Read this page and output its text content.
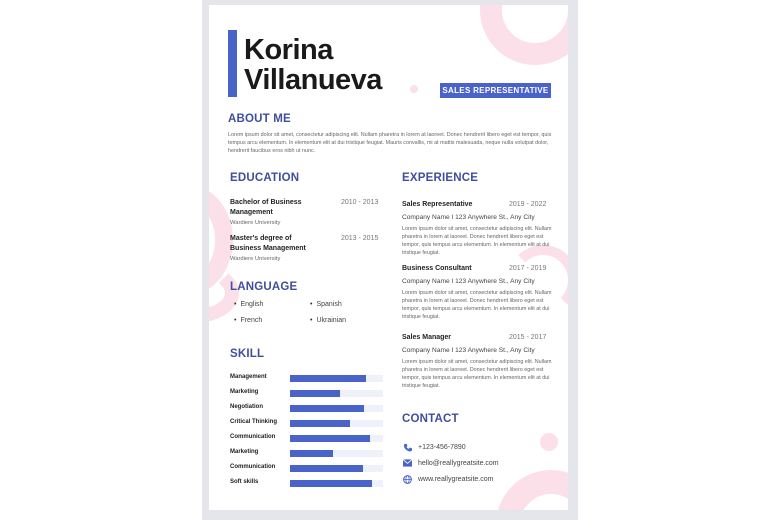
Korina
Villanueva	SALES REPRESENTATIVE
ABOUT ME
Lorem ipsum dolor sit amet, consectetur adipiscing elit. Nullam pharetra in lorem at laoreet. Donec hendrerit libero eget est tempor, quis
tempus arcu elementum. In elementum elit at dui tristique feugiat. Mauris convallis, mi at mattis malesuada, neque nulla volutpat dolor,
hendrerit faucibus eros nibh ut nunc.
EDUCATION
Bachelor of Business
Management
2010 - 2013
Wardiere University
Master's degree of
Business Management
2013 - 2015
Wardiere University
LANGUAGE
• English	• Spanish
• French	• Ukrainian
SKILL
Management
Marketing
Negotiation
Critical Thinking
Communication
Marketing
Communication
Soft skills
EXPERIENCE
Sales Representative	2019 - 2022
Company Name I 123 Anywhere St., Any City
Lorem ipsum dolor sit amet, consectetur adipiscing elit. Nullam
pharetra in lorem at laoreet. Donec hendrerit libero eget est
tempor, quis tempus arcu elementum. In elementum elit at dui
tristique feugiat.
Business Consultant	2017 - 2019
Company Name I 123 Anywhere St., Any City
Lorem ipsum dolor sit amet, consectetur adipiscing elit. Nullam
pharetra in lorem at laoreet. Donec hendrerit libero eget est
tempor, quis tempus arcu elementum. In elementum elit at dui
tristique feugiat.
Sales Manager	2015 - 2017
Company Name I 123 Anywhere St., Any City
Lorem ipsum dolor sit amet, consectetur adipiscing elit. Nullam
pharetra in lorem at laoreet. Donec hendrerit libero eget est
tempor, quis tempus arcu elementum. In elementum elit at dui
tristique feugiat.
CONTACT
+123-456-7890
hello@reallygreatsite.com
www.reallygreatsite.com
